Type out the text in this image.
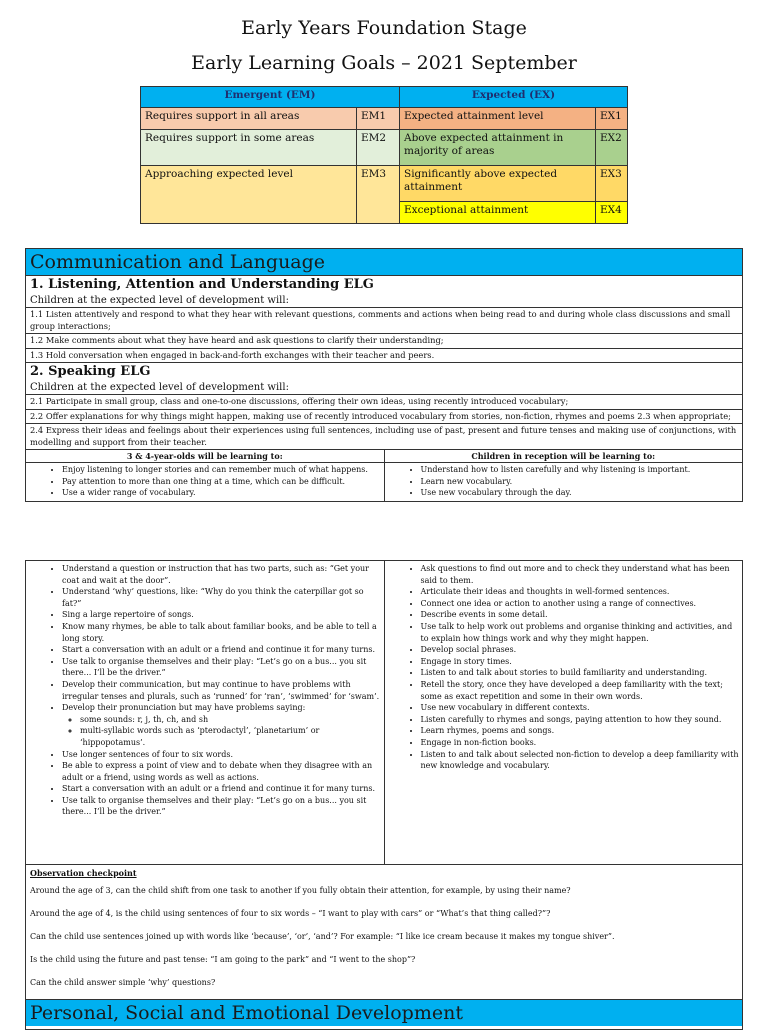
Early Years Foundation Stage
Early Learning Goals – 2021 September
Emergent (EM)		Expected (EX)	
Requires support in all areas	EM1	Expected attainment level	EX1
Requires support in some areas	EM2	Above expected attainment in majority of areas	EX2
Approaching expected level	EM3	Significantly above expected attainment	EX3
		Exceptional attainment	EX4
Communication and Language
1. Listening, Attention and Understanding ELG
Children at the expected level of development will:
1.1 Listen attentively and respond to what they hear with relevant questions, comments and actions when being read to and during whole class discussions and small group interactions;
1.2 Make comments about what they have heard and ask questions to clarify their understanding;
1.3 Hold conversation when engaged in back-and-forth exchanges with their teacher and peers.
2. Speaking ELG
Children at the expected level of development will:
2.1 Participate in small group, class and one-to-one discussions, offering their own ideas, using recently introduced vocabulary;
2.2 Offer explanations for why things might happen, making use of recently introduced vocabulary from stories, non-fiction, rhymes and poems 2.3 when appropriate;
2.4 Express their ideas and feelings about their experiences using full sentences, including use of past, present and future tenses and making use of conjunctions, with modelling and support from their teacher.
3 & 4-year-olds will be learning to:
• Enjoy listening to longer stories and can remember much of what happens.
• Pay attention to more than one thing at a time, which can be difficult.
• Use a wider range of vocabulary.
Children in reception will be learning to:
• Understand how to listen carefully and why listening is important.
• Learn new vocabulary.
• Use new vocabulary through the day.
• Understand a question or instruction that has two parts, such as: “Get your coat and wait at the door”.
• Understand ‘why’ questions, like: “Why do you think the caterpillar got so fat?”
• Sing a large repertoire of songs.
• Know many rhymes, be able to talk about familiar books, and be able to tell a long story.
• Start a conversation with an adult or a friend and continue it for many turns.
• Use talk to organise themselves and their play: “Let’s go on a bus... you sit there... I’ll be the driver.”
• Develop their communication, but may continue to have problems with irregular tenses and plurals, such as ‘runned’ for ‘ran’, ‘swimmed’ for ‘swam’.
• Develop their pronunciation but may have problems saying:
◦ some sounds: r, j, th, ch, and sh
◦ multi-syllabic words such as ‘pterodactyl’, ‘planetarium’ or ‘hippopotamus’.
• Use longer sentences of four to six words.
• Be able to express a point of view and to debate when they disagree with an adult or a friend, using words as well as actions.
• Start a conversation with an adult or a friend and continue it for many turns.
• Use talk to organise themselves and their play: “Let’s go on a bus... you sit there... I’ll be the driver.”
• Ask questions to find out more and to check they understand what has been said to them.
• Articulate their ideas and thoughts in well-formed sentences.
• Connect one idea or action to another using a range of connectives.
• Describe events in some detail.
• Use talk to help work out problems and organise thinking and activities, and to explain how things work and why they might happen.
• Develop social phrases.
• Engage in story times.
• Listen to and talk about stories to build familiarity and understanding.
• Retell the story, once they have developed a deep familiarity with the text; some as exact repetition and some in their own words.
• Use new vocabulary in different contexts.
• Listen carefully to rhymes and songs, paying attention to how they sound.
• Learn rhymes, poems and songs.
• Engage in non-fiction books.
• Listen to and talk about selected non-fiction to develop a deep familiarity with new knowledge and vocabulary.
Observation checkpoint

Around the age of 3, can the child shift from one task to another if you fully obtain their attention, for example, by using their name?

Around the age of 4, is the child using sentences of four to six words – “I want to play with cars” or “What’s that thing called?”?

Can the child use sentences joined up with words like ‘because’, ‘or’, ‘and’? For example: “I like ice cream because it makes my tongue shiver”.

Is the child using the future and past tense: “I am going to the park” and “I went to the shop”?

Can the child answer simple ‘why’ questions?

Personal, Social and Emotional Development
